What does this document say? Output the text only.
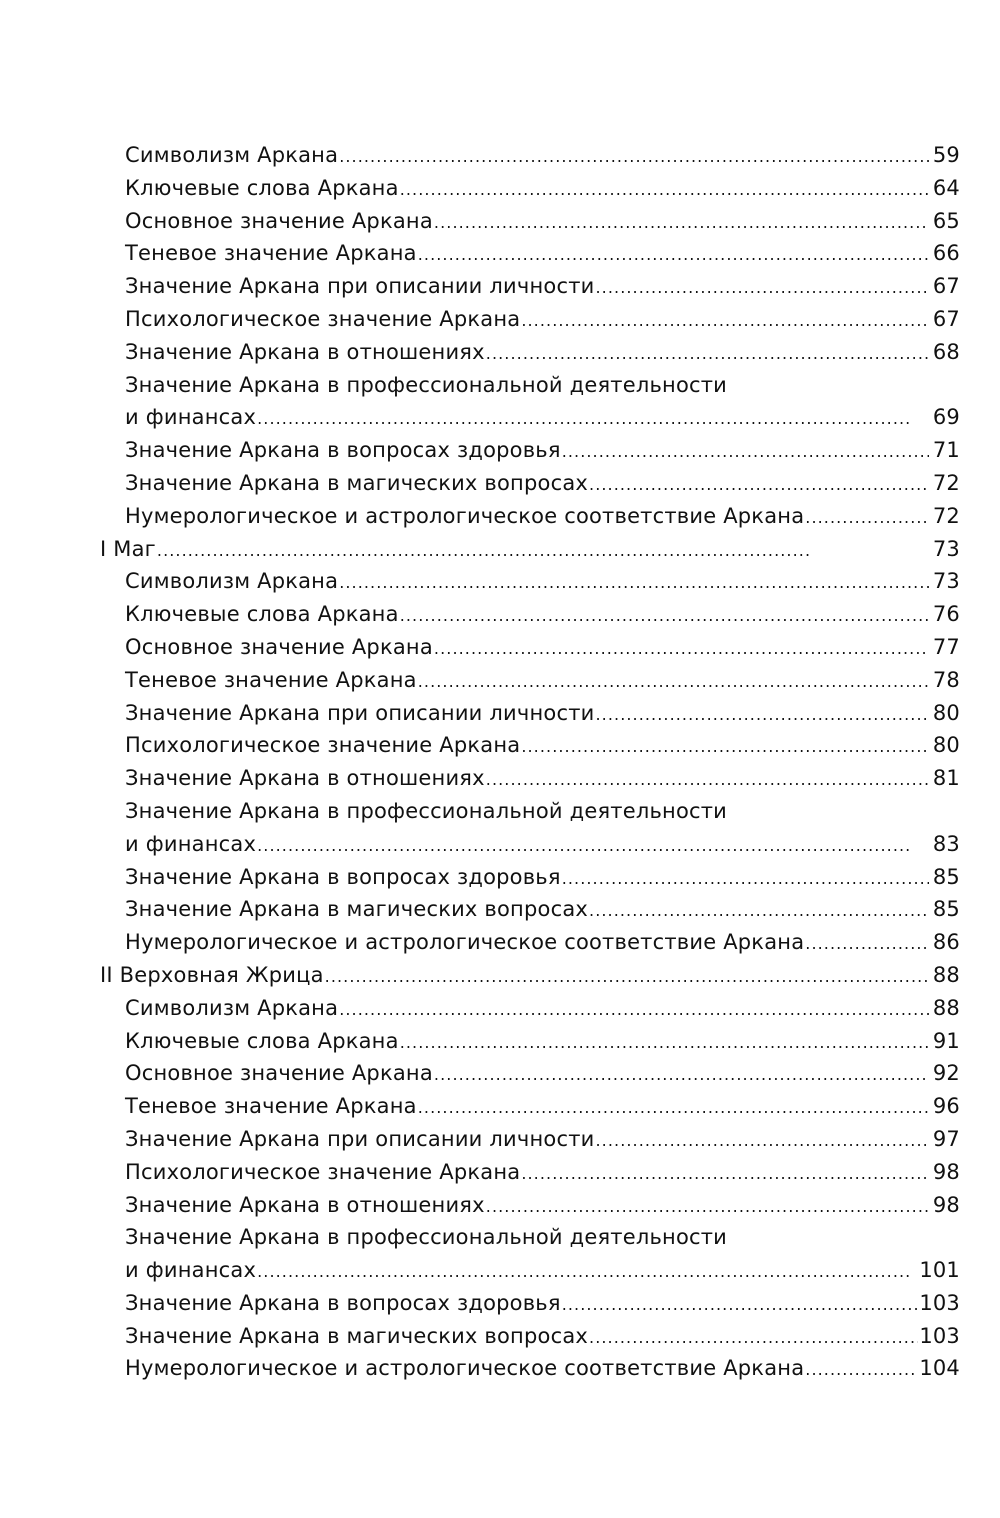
Символизм Аркана . . .	59
Ключевые слова Аркана . . .	64
Основное значение Аркана . . .	65
Теневое значение Аркана . . .	66
Значение Аркана при описании личности . . .	67
Психологическое значение Аркана . . .	67
Значение Аркана в отношениях . . .	68
Значение Аркана в профессиональной деятельности
и финансах . . .	69
Значение Аркана в вопросах здоровья . . .	71
Значение Аркана в магических вопросах . . .	72
Нумерологическое и астрологическое соответствие Аркана . . .	72
I Маг . . .	73
Символизм Аркана . . .	73
Ключевые слова Аркана . . .	76
Основное значение Аркана . . .	77
Теневое значение Аркана . . .	78
Значение Аркана при описании личности . . .	80
Психологическое значение Аркана . . .	80
Значение Аркана в отношениях . . .	81
Значение Аркана в профессиональной деятельности
и финансах . . .	83
Значение Аркана в вопросах здоровья . . .	85
Значение Аркана в магических вопросах . . .	85
Нумерологическое и астрологическое соответствие Аркана . . .	86
II Верховная Жрица . . .	88
Символизм Аркана . . .	88
Ключевые слова Аркана . . .	91
Основное значение Аркана . . .	92
Теневое значение Аркана . . .	96
Значение Аркана при описании личности . . .	97
Психологическое значение Аркана . . .	98
Значение Аркана в отношениях . . .	98
Значение Аркана в профессиональной деятельности
и финансах . . .	101
Значение Аркана в вопросах здоровья . . .	103
Значение Аркана в магических вопросах . . .	103
Нумерологическое и астрологическое соответствие Аркана . . .	104
